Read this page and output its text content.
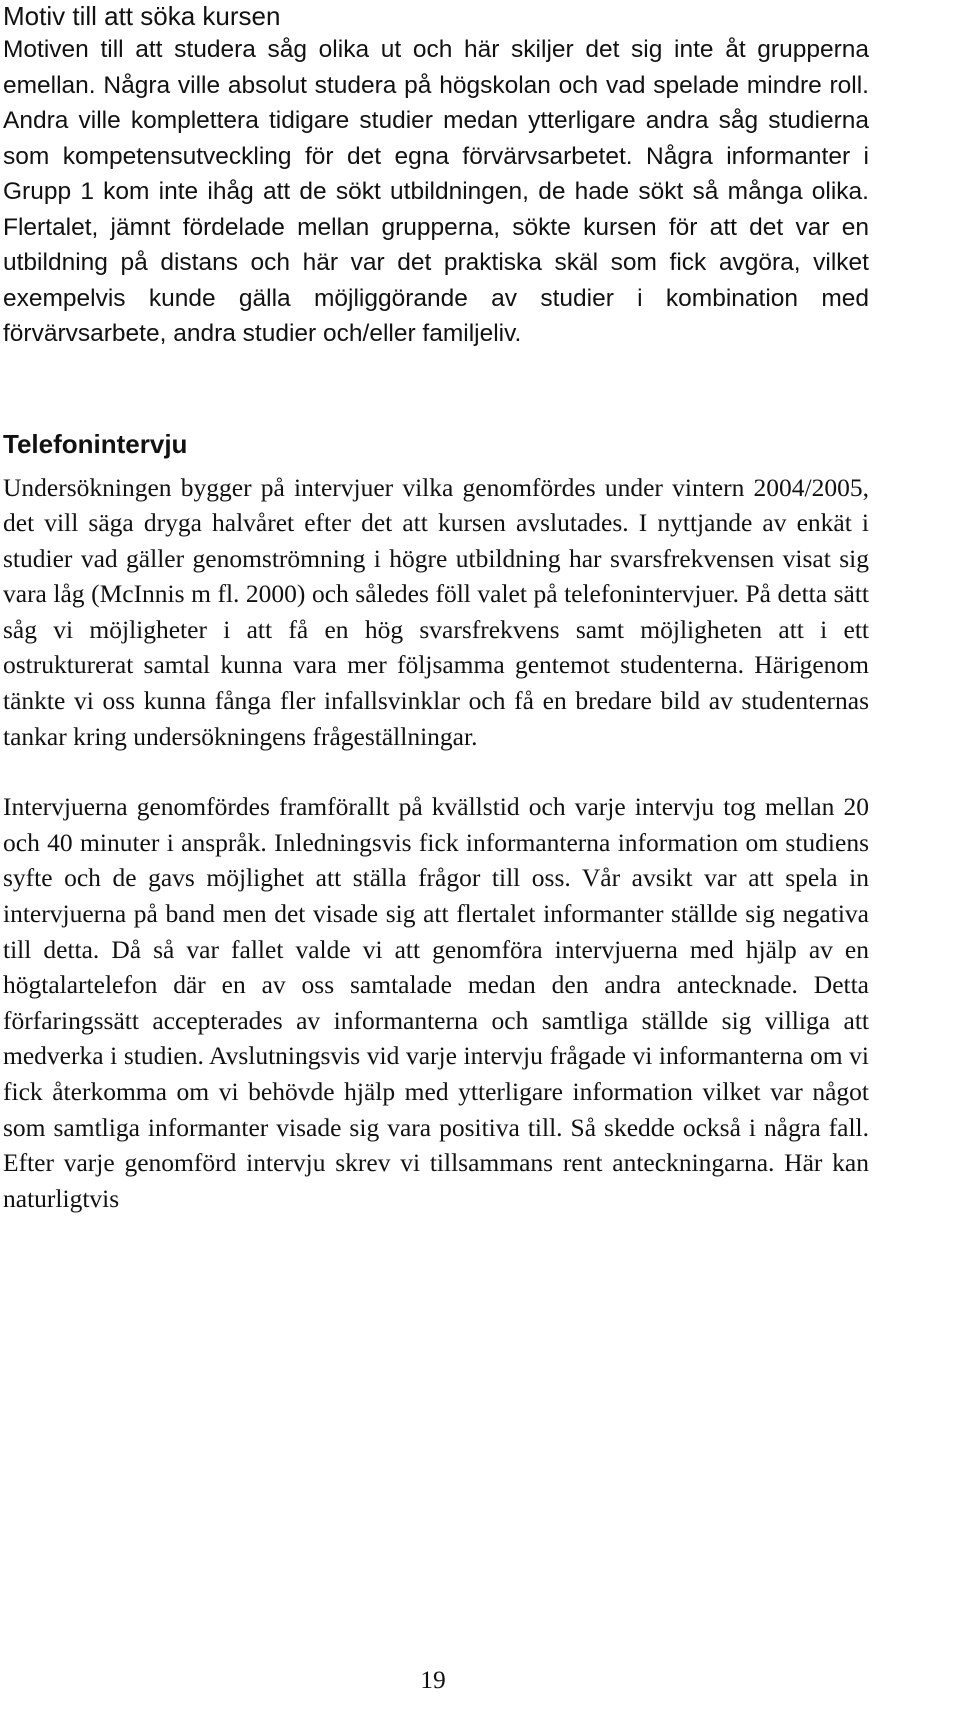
Motiv till att söka kursen

Motiven till att studera såg olika ut och här skiljer det sig inte åt grupperna emellan. Några ville absolut studera på högskolan och vad spelade mindre roll. Andra ville komplettera tidigare studier medan ytterligare andra såg studierna som kompetensutveckling för det egna förvärvsarbetet. Några informanter i Grupp 1 kom inte ihåg att de sökt utbildningen, de hade sökt så många olika. Flertalet, jämnt fördelade mellan grupperna, sökte kursen för att det var en utbildning på distans och här var det praktiska skäl som fick avgöra, vilket exempelvis kunde gälla möjliggörande av studier i kombination med förvärvsarbete, andra studier och/eller familjeliv.

Telefonintervju

Undersökningen bygger på intervjuer vilka genomfördes under vintern 2004/2005, det vill säga dryga halvåret efter det att kursen avslutades. I nyttjande av enkät i studier vad gäller genomströmning i högre utbildning har svarsfrekvensen visat sig vara låg (McInnis m fl. 2000) och således föll valet på telefonintervjuer. På detta sätt såg vi möjligheter i att få en hög svarsfrekvens samt möjligheten att i ett ostrukturerat samtal kunna vara mer följsamma gentemot studenterna. Härigenom tänkte vi oss kunna fånga fler infallsvinklar och få en bredare bild av studenternas tankar kring undersökningens frågeställningar.

Intervjuerna genomfördes framförallt på kvällstid och varje intervju tog mellan 20 och 40 minuter i anspråk. Inledningsvis fick informanterna information om studiens syfte och de gavs möjlighet att ställa frågor till oss. Vår avsikt var att spela in intervjuerna på band men det visade sig att flertalet informanter ställde sig negativa till detta. Då så var fallet valde vi att genomföra intervjuerna med hjälp av en högtalartelefon där en av oss samtalade medan den andra antecknade. Detta förfaringssätt accepterades av informanterna och samtliga ställde sig villiga att medverka i studien. Avslutningsvis vid varje intervju frågade vi informanterna om vi fick återkomma om vi behövde hjälp med ytterligare information vilket var något som samtliga informanter visade sig vara positiva till. Så skedde också i några fall. Efter varje genomförd intervju skrev vi tillsammans rent anteckningarna. Här kan naturligtvis

19
